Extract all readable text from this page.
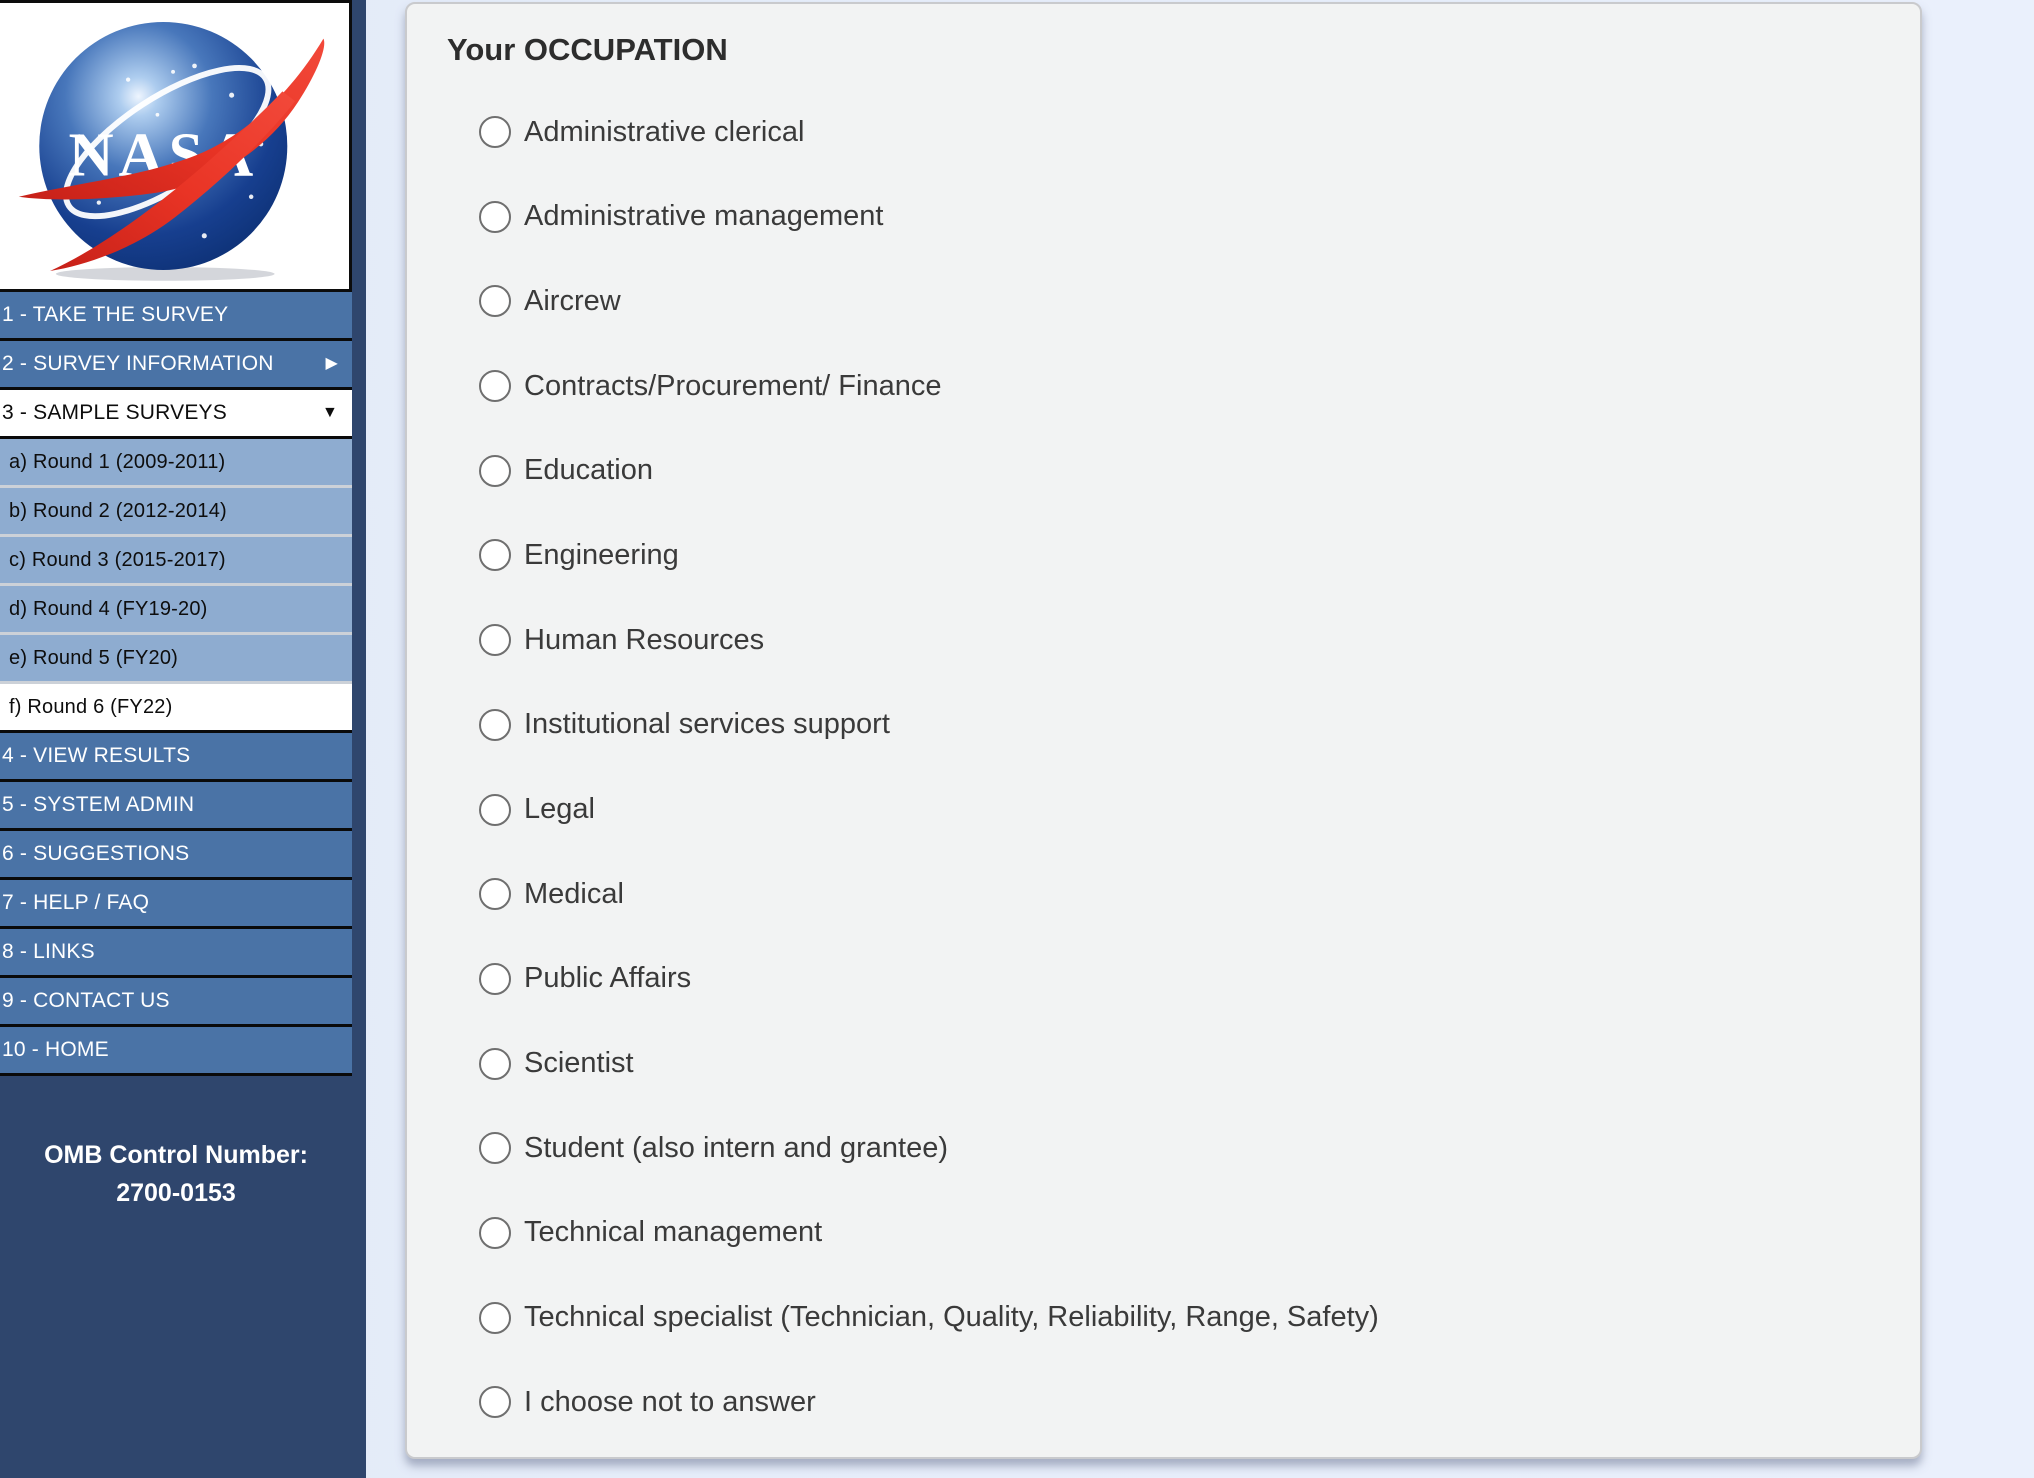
NASA
1 - TAKE THE SURVEY
2 - SURVEY INFORMATION	▶
3 - SAMPLE SURVEYS	▼
a) Round 1 (2009-2011)
b) Round 2 (2012-2014)
c) Round 3 (2015-2017)
d) Round 4 (FY19-20)
e) Round 5 (FY20)
f) Round 6 (FY22)
4 - VIEW RESULTS
5 - SYSTEM ADMIN
6 - SUGGESTIONS
7 - HELP / FAQ
8 - LINKS
9 - CONTACT US
10 - HOME
OMB Control Number:
2700-0153
Your OCCUPATION
Administrative clerical
Administrative management
Aircrew
Contracts/Procurement/ Finance
Education
Engineering
Human Resources
Institutional services support
Legal
Medical
Public Affairs
Scientist
Student (also intern and grantee)
Technical management
Technical specialist (Technician, Quality, Reliability, Range, Safety)
I choose not to answer
